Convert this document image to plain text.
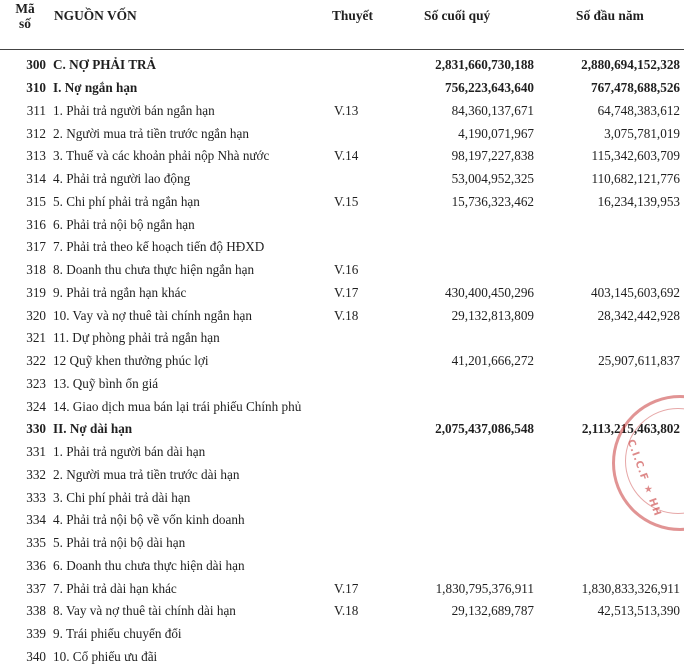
Mã
số	NGUỒN VỐN	Thuyết	Số cuối quý	Số đầu năm
300	C. NỢ PHẢI TRẢ		2,831,660,730,188	2,880,694,152,328
310	I. Nợ ngắn hạn		756,223,643,640	767,478,688,526
311	1. Phải trả người bán ngắn hạn	V.13	84,360,137,671	64,748,383,612
312	2. Người mua trả tiền trước ngắn hạn		4,190,071,967	3,075,781,019
313	3. Thuế và các khoản phải nộp Nhà nước	V.14	98,197,227,838	115,342,603,709
314	4. Phải trả người lao động		53,004,952,325	110,682,121,776
315	5. Chi phí phải trả ngắn hạn	V.15	15,736,323,462	16,234,139,953
316	6. Phải trả nội bộ ngắn hạn			
317	7. Phải trả theo kế hoạch tiến độ HĐXD			
318	8. Doanh thu chưa thực hiện ngắn hạn	V.16		
319	9. Phải trả ngắn hạn khác	V.17	430,400,450,296	403,145,603,692
320	10. Vay và nợ thuê tài chính ngắn hạn	V.18	29,132,813,809	28,342,442,928
321	11. Dự phòng phải trả ngắn hạn			
322	12 Quỹ khen thưởng phúc lợi		41,201,666,272	25,907,611,837
323	13. Quỹ bình ổn giá			
324	14. Giao dịch mua bán lại trái phiếu Chính phủ			
330	II. Nợ dài hạn		2,075,437,086,548	2,113,215,463,802
331	1. Phải trả người bán dài hạn			
332	2. Người mua trả tiền trước dài hạn			
333	3. Chi phí phải trả dài hạn			
334	4. Phải trả nội bộ về vốn kinh doanh			
335	5. Phải trả nội bộ dài hạn			
336	6. Doanh thu chưa thực hiện dài hạn			
337	7. Phải trả dài hạn khác	V.17	1,830,795,376,911	1,830,833,326,911
338	8. Vay và nợ thuê tài chính dài hạn	V.18	29,132,689,787	42,513,513,390
339	9. Trái phiếu chuyển đổi			
340	10. Cổ phiếu ưu đãi			
C.I.C.F ★ HH
